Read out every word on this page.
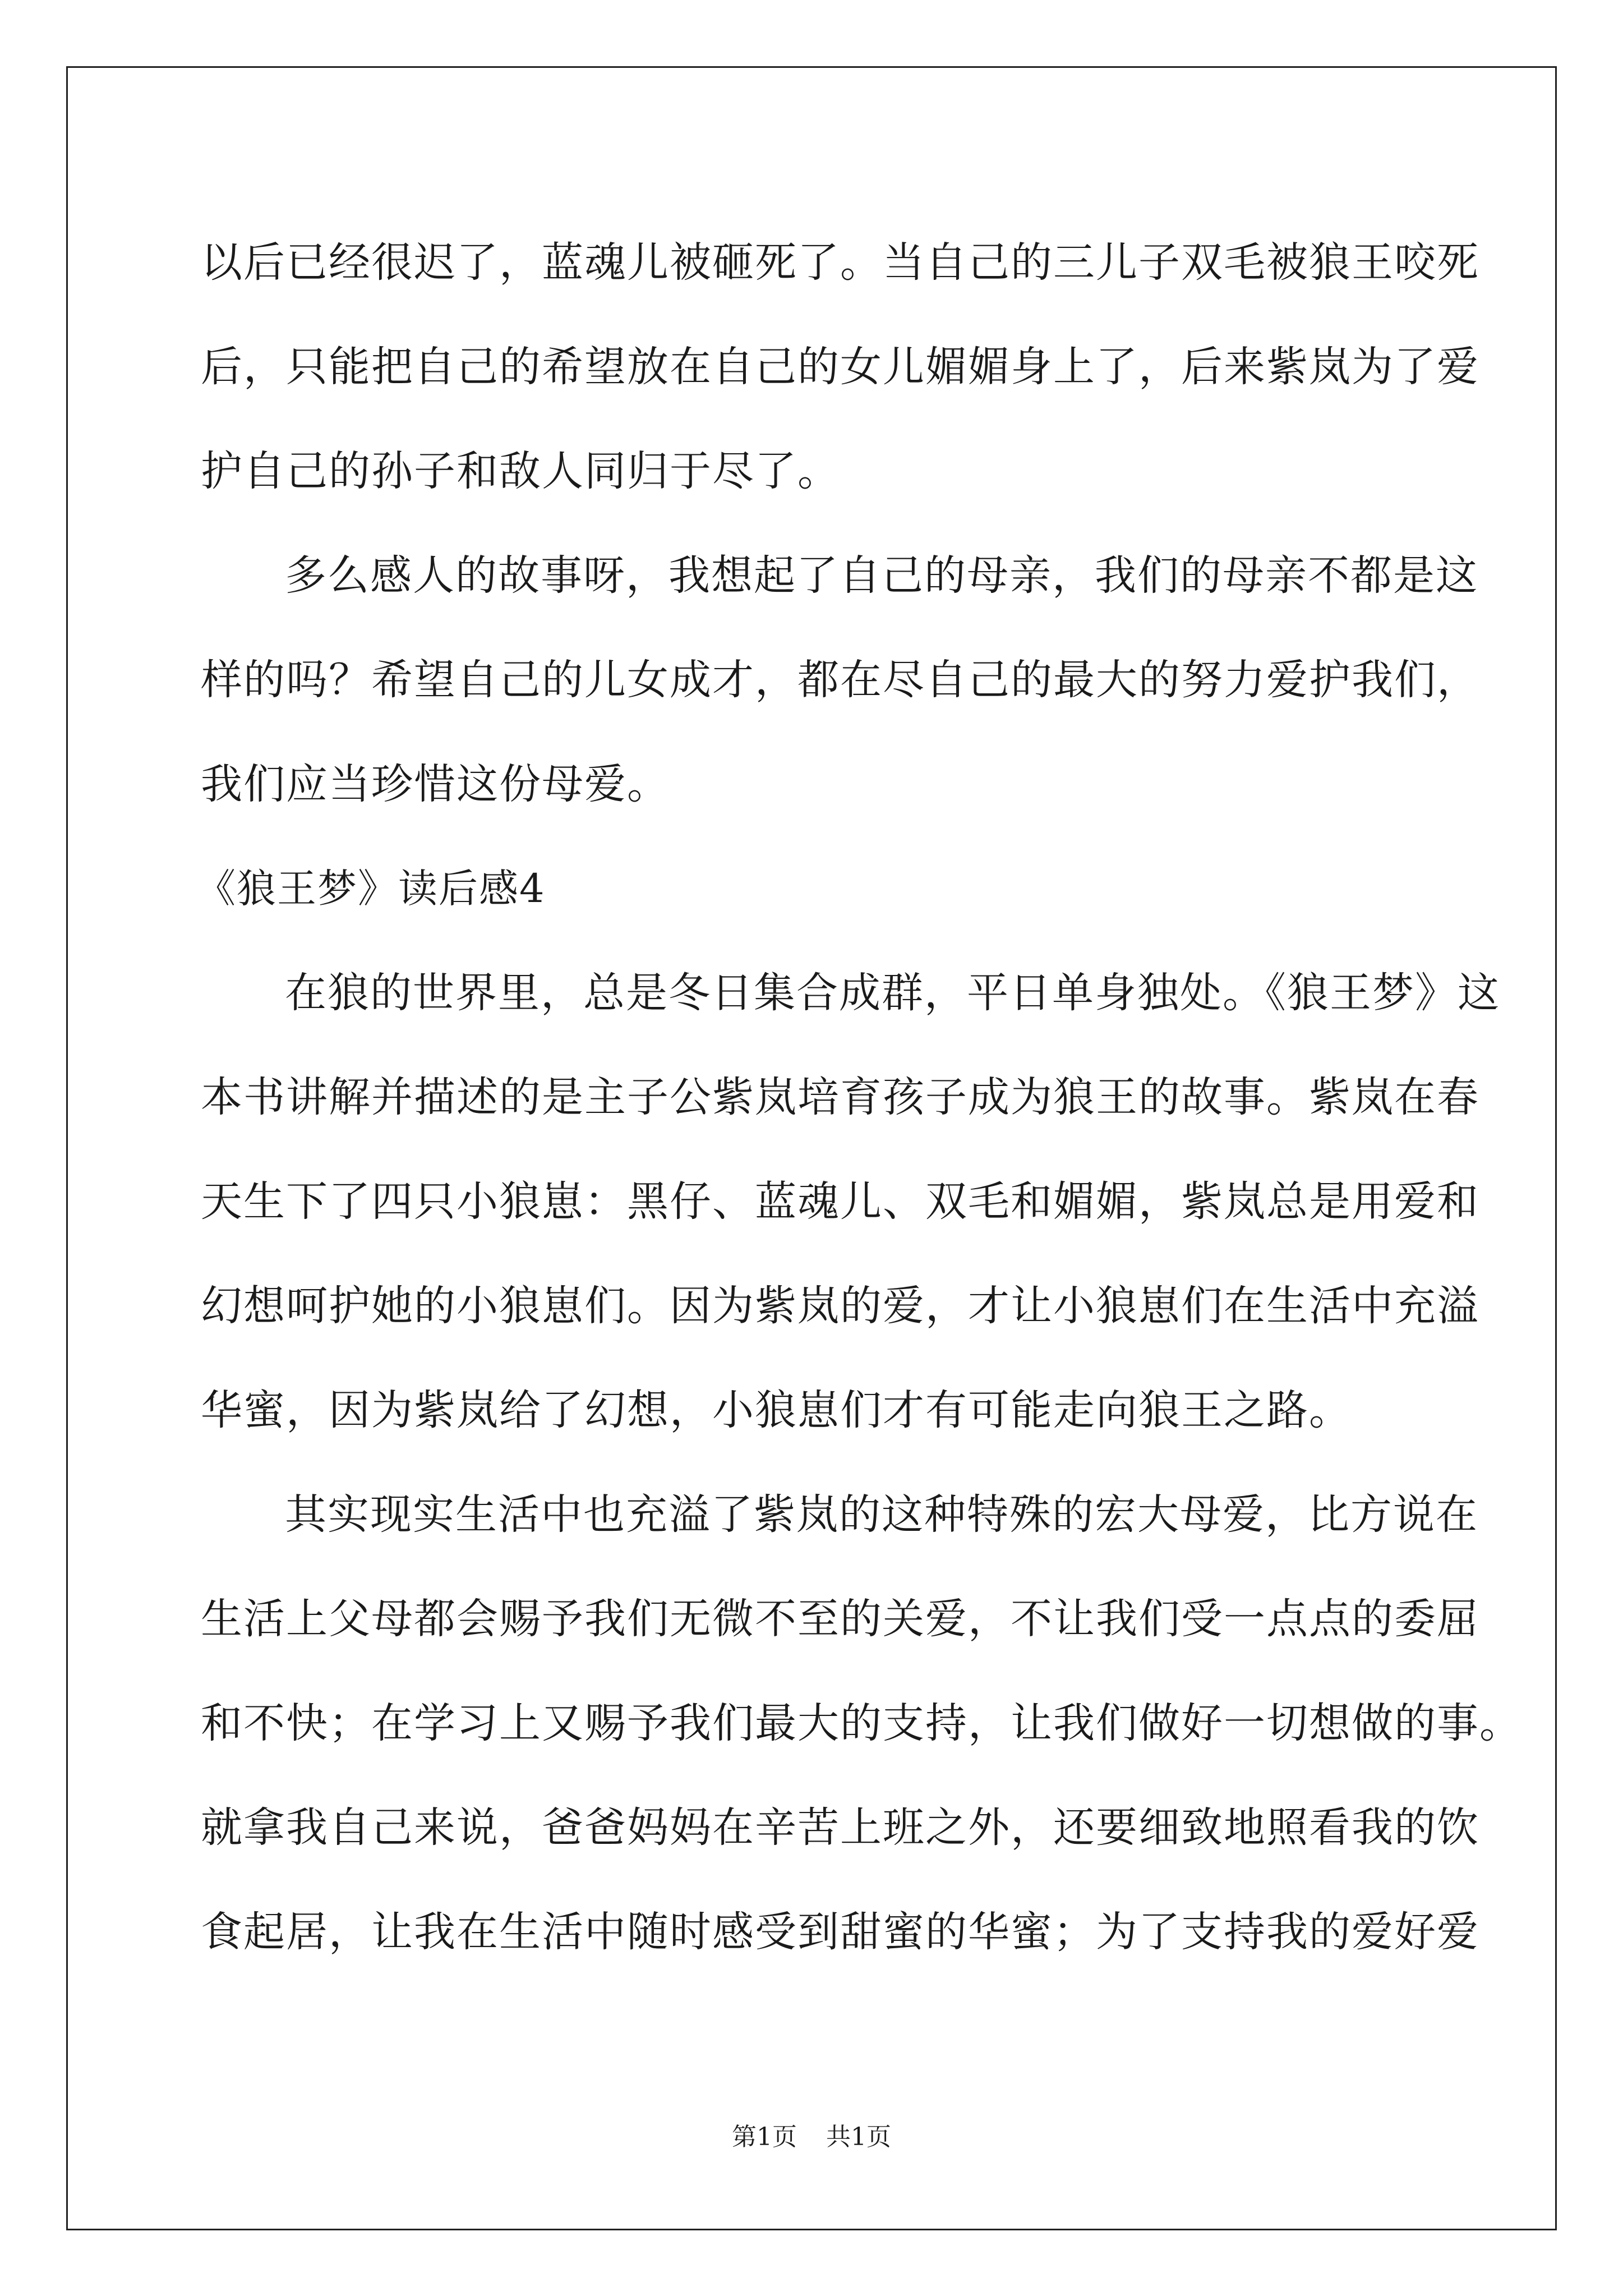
以后已经很迟了，蓝魂儿被砸死了。当自己的三儿子双毛被狼王咬死
后，只能把自己的希望放在自己的女儿媚媚身上了，后来紫岚为了爱
护自己的孙子和敌人同归于尽了。
多么感人的故事呀，我想起了自己的母亲，我们的母亲不都是这
样的吗？希望自己的儿女成才，都在尽自己的最大的努力爱护我们，
我们应当珍惜这份母爱。
《狼王梦》读后感4
在狼的世界里，总是冬日集合成群，平日单身独处。《狼王梦》这
本书讲解并描述的是主子公紫岚培育孩子成为狼王的故事。紫岚在春
天生下了四只小狼崽：黑仔、蓝魂儿、双毛和媚媚，紫岚总是用爱和
幻想呵护她的小狼崽们。因为紫岚的爱，才让小狼崽们在生活中充溢
华蜜，因为紫岚给了幻想，小狼崽们才有可能走向狼王之路。
其实现实生活中也充溢了紫岚的这种特殊的宏大母爱，比方说在
生活上父母都会赐予我们无微不至的关爱，不让我们受一点点的委屈
和不快；在学习上又赐予我们最大的支持，让我们做好一切想做的事。
就拿我自己来说，爸爸妈妈在辛苦上班之外，还要细致地照看我的饮
食起居，让我在生活中随时感受到甜蜜的华蜜；为了支持我的爱好爱
第1页 共1页
